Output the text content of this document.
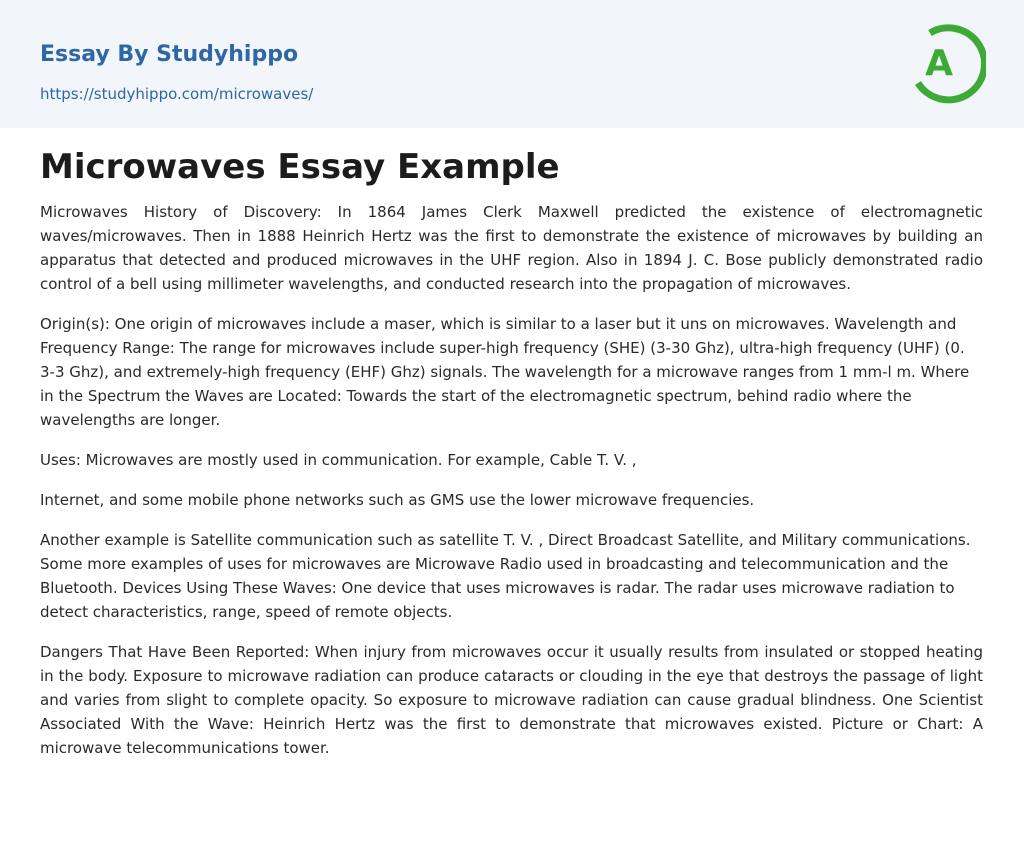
Essay By Studyhippo
https://studyhippo.com/microwaves/
A
Microwaves Essay Example

Microwaves History of Discovery: In 1864 James Clerk Maxwell predicted the existence of electromagnetic waves/microwaves. Then in 1888 Heinrich Hertz was the first to demonstrate the existence of microwaves by building an apparatus that detected and produced microwaves in the UHF region. Also in 1894 J. C. Bose publicly demonstrated radio control of a bell using millimeter wavelengths, and conducted research into the propagation of microwaves.

Origin(s): One origin of microwaves include a maser, which is similar to a laser but it uns on microwaves. Wavelength and Frequency Range: The range for microwaves include super-high frequency (SHE) (3-30 Ghz), ultra-high frequency (UHF) (0. 3-3 Ghz), and extremely-high frequency (EHF) Ghz) signals. The wavelength for a microwave ranges from 1 mm-l m. Where in the Spectrum the Waves are Located: Towards the start of the electromagnetic spectrum, behind radio where the wavelengths are longer.

Uses: Microwaves are mostly used in communication. For example, Cable T. V. ,

Internet, and some mobile phone networks such as GMS use the lower microwave frequencies.

Another example is Satellite communication such as satellite T. V. , Direct Broadcast Satellite, and Military communications. Some more examples of uses for microwaves are Microwave Radio used in broadcasting and telecommunication and the Bluetooth. Devices Using These Waves: One device that uses microwaves is radar. The radar uses microwave radiation to detect characteristics, range, speed of remote objects.

Dangers That Have Been Reported: When injury from microwaves occur it usually results from insulated or stopped heating in the body. Exposure to microwave radiation can produce cataracts or clouding in the eye that destroys the passage of light and varies from slight to complete opacity. So exposure to microwave radiation can cause gradual blindness. One Scientist Associated With the Wave: Heinrich Hertz was the first to demonstrate that microwaves existed. Picture or Chart: A microwave telecommunications tower.
